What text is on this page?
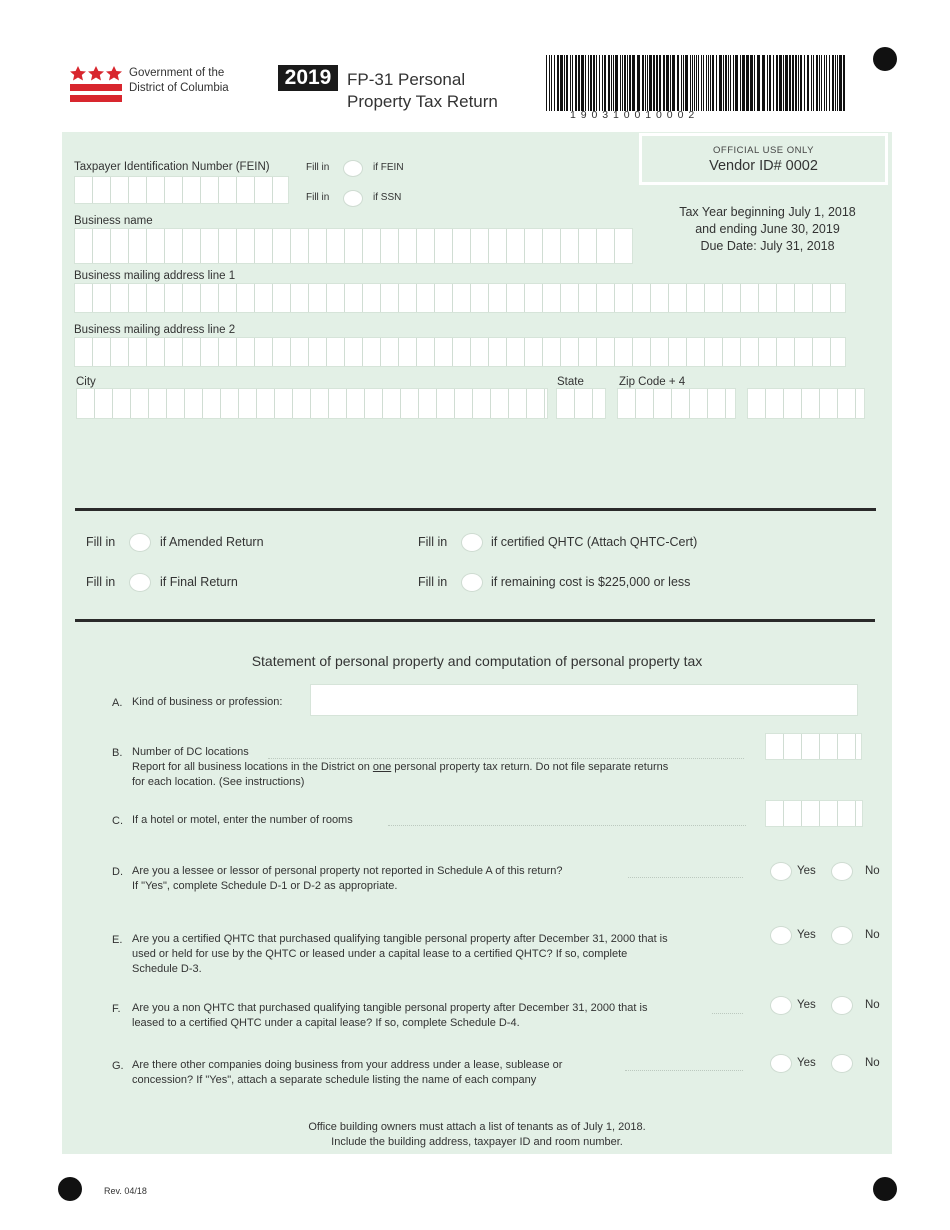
Government of the
District of Columbia	2019 FP-31 Personal
Property Tax Return
1 9 0 3 1 0 0 1 0 0 0 2
OFFICIAL USE ONLY
Vendor ID# 0002
Tax Year beginning July 1, 2018
and ending June 30, 2019
Due Date: July 31, 2018
Taxpayer Identification Number (FEIN)	Fill in	if FEIN
Fill in	if SSN
Business name
Business mailing address line 1
Business mailing address line 2
City	State	Zip Code + 4
Fill in	if Amended Return
Fill in	if Final Return
Fill in	if certified QHTC (Attach QHTC-Cert)
Fill in	if remaining cost is $225,000 or less
Statement of personal property and computation of personal property tax
A. Kind of business or profession:
B. Number of DC locations
Report for all business locations in the District on one personal property tax return. Do not file separate returns
for each location. (See instructions)
C. If a hotel or motel, enter the number of rooms
D. Are you a lessee or lessor of personal property not reported in Schedule A of this return?
If "Yes", complete Schedule D-1 or D-2 as appropriate.
Yes	No
E. Are you a certified QHTC that purchased qualifying tangible personal property after December 31, 2000 that is
used or held for use by the QHTC or leased under a capital lease to a certified QHTC? If so, complete
Schedule D-3.
Yes	No
F. Are you a non QHTC that purchased qualifying tangible personal property after December 31, 2000 that is
leased to a certified QHTC under a capital lease? If so, complete Schedule D-4.
Yes	No
G. Are there other companies doing business from your address under a lease, sublease or
concession? If "Yes", attach a separate schedule listing the name of each company
Yes	No
Office building owners must attach a list of tenants as of July 1, 2018.
Include the building address, taxpayer ID and room number.
Rev. 04/18
